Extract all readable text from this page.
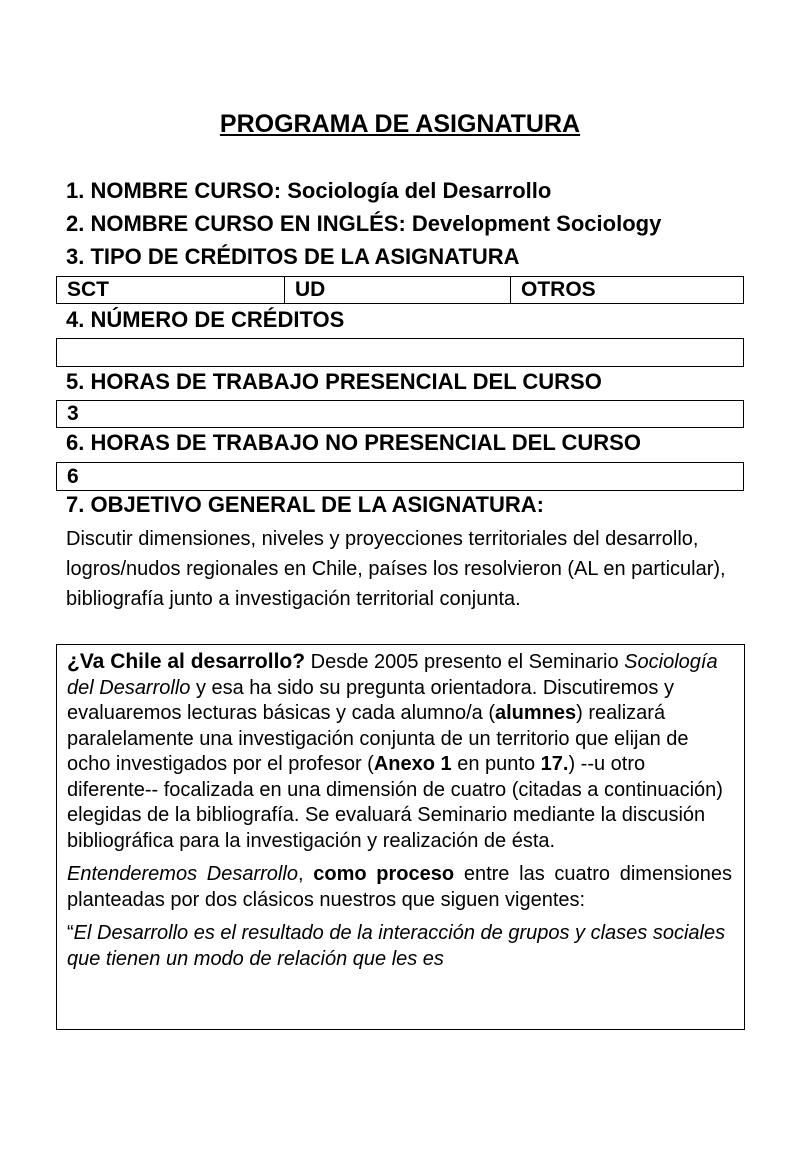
PROGRAMA DE ASIGNATURA
1. NOMBRE CURSO: Sociología del Desarrollo
2. NOMBRE CURSO EN INGLÉS: Development Sociology
3. TIPO DE CRÉDITOS DE LA ASIGNATURA
SCT	UD	OTROS
4. NÚMERO DE CRÉDITOS
5. HORAS DE TRABAJO PRESENCIAL DEL CURSO
3
6. HORAS DE TRABAJO NO PRESENCIAL DEL CURSO
6
7. OBJETIVO GENERAL DE LA ASIGNATURA:
Discutir dimensiones, niveles y proyecciones territoriales del desarrollo, logros/nudos regionales en Chile, países los resolvieron (AL en particular), bibliografía junto a investigación territorial conjunta.

¿Va Chile al desarrollo? Desde 2005 presento el Seminario Sociología del Desarrollo y esa ha sido su pregunta orientadora. Discutiremos y evaluaremos lecturas básicas y cada alumno/a (alumnes) realizará paralelamente una investigación conjunta de un territorio que elijan de ocho investigados por el profesor (Anexo 1 en punto 17.) --u otro diferente-- focalizada en una dimensión de cuatro (citadas a continuación) elegidas de la bibliografía. Se evaluará Seminario mediante la discusión bibliográfica para la investigación y realización de ésta.

Entenderemos Desarrollo, como proceso entre las cuatro dimensiones planteadas por dos clásicos nuestros que siguen vigentes:

“El Desarrollo es el resultado de la interacción de grupos y clases sociales que tienen un modo de relación que les es
